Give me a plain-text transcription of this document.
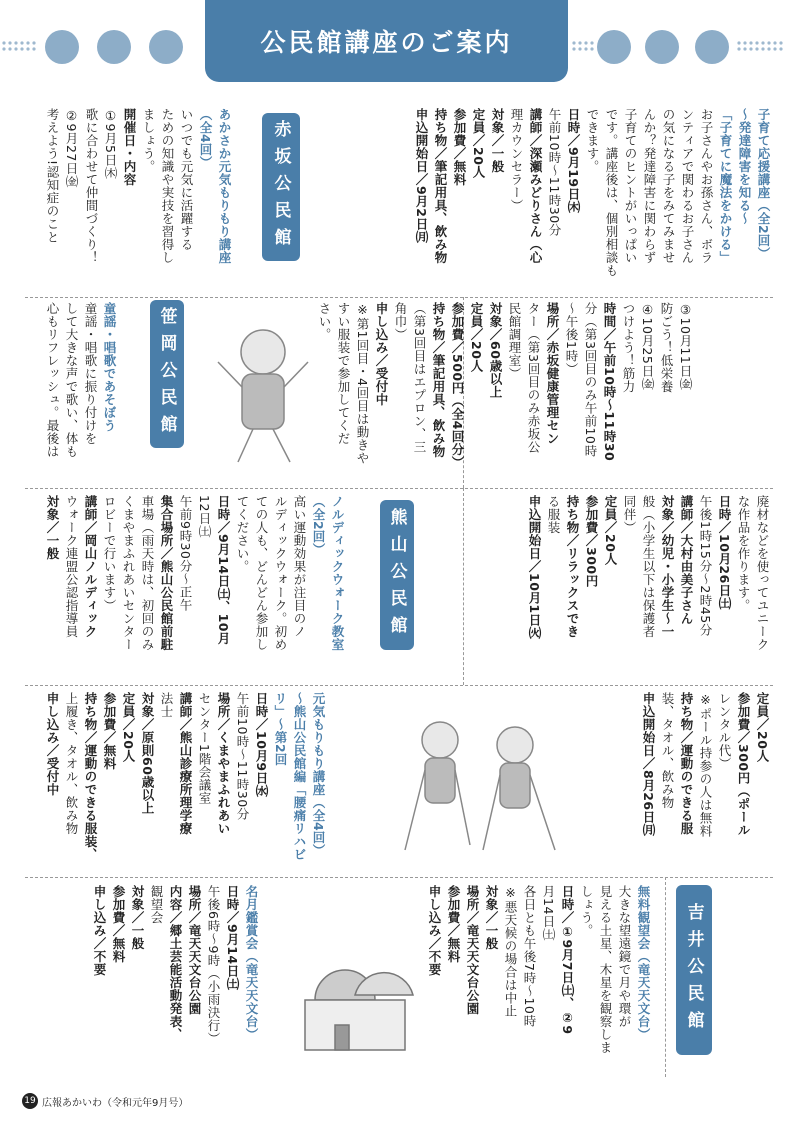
公民館講座のご案内
赤坂公民館	子育て応援講座（全2回）
～発達障害を知る～
「子育てに魔法をかける」
お子さんやお孫さん、ボラ
ンティアで関わるお子さん
の気になる子をみてみませ
んか？発達障害に関わらず
子育てのヒントがいっぱい
です。講座後は、個別相談も
できます。
日時／9月19日㈭
午前10時～11時30分
講師／深瀬みどりさん（心
理カウンセラー）
対象／一般
定員／20人
参加費／無料
持ち物／筆記用具、飲み物
申込開始日／9月2日㈪
あかさか元気もりもり講座
（全4回）
いつでも元気に活躍する
ための知識や実技を習得し
ましょう。
開催日・内容
①9月5日㈭
歌に合わせて仲間づくり！
②9月27日㈮
考えよう!認知症のこと
笹岡公民館	③10月11日㈮
防ごう！低栄養
④10月25日㈮
つけよう！筋力
時間／午前10時～11時30
分（第3回目のみ午前10時
～午後1時）
場所／赤坂健康管理セン
ター（第3回目のみ赤坂公
民館調理室）
対象／60歳以上
定員／20人
参加費／500円（全4回分）
持ち物／筆記用具、飲み物
（第3回目はエプロン、三
角巾）
申し込み／受付中
※第1回目・4回目は動きや
すい服装で参加してくだ
さい。
童謡・唱歌であそぼう
童謡・唱歌に振り付けを
して大きな声で歌い、体も
心もリフレッシュ。最後は
熊山公民館	廃材などを使ってユニーク
な作品を作ります。
日時／10月26日㈯
午後1時15分～2時45分
講師／大村由美子さん
対象／幼児・小学生～一
般（小学生以下は保護者
同伴）
定員／20人
参加費／300円
持ち物／リラックスでき
る服装
申込開始日／10月1日㈫
ノルディックウォーク教室
（全2回）
高い運動効果が注目のノ
ルディックウォーク。初め
ての人も、どんどん参加し
てください。
日時／9月14日㈯、10月
12日㈯
午前9時30分～正午
集合場所／熊山公民館前駐
車場（雨天時は、初回のみ
くまやまふれあいセンター
ロビーで行います）
講師／岡山ノルディック
ウォーク連盟公認指導員
対象／一般
定員／20人
参加費／300円（ポール
レンタル代）
※ポール持参の人は無料
持ち物／運動のできる服
装、タオル、飲み物
申込開始日／8月26日㈪
元気もりもり講座（全4回）
～熊山公民館編「腰痛リハビ
リ」～第2回
日時／10月9日㈬
午前10時～11時30分
場所／くまやまふれあい
センター1階会議室
講師／熊山診療所理学療
法士
対象／原則60歳以上
定員／20人
参加費／無料
持ち物／運動のできる服装、
上履き、タオル、飲み物
申し込み／受付中
吉井公民館
無料観望会（竜天天文台）
大きな望遠鏡で月や環が
見える土星、木星を観察しま
しょう。
日時／①9月7日㈯、②9
月14日㈯
各日とも午後7時～10時
※悪天候の場合は中止
対象／一般
場所／竜天天文台公園
参加費／無料
申し込み／不要
名月鑑賞会（竜天天文台）
日時／9月14日㈯
午後6時～9時（小雨決行）
場所／竜天天文台公園
内容／郷土芸能活動発表、
観望会
対象／一般
参加費／無料
申し込み／不要
19 広報あかいわ（令和元年9月号）
